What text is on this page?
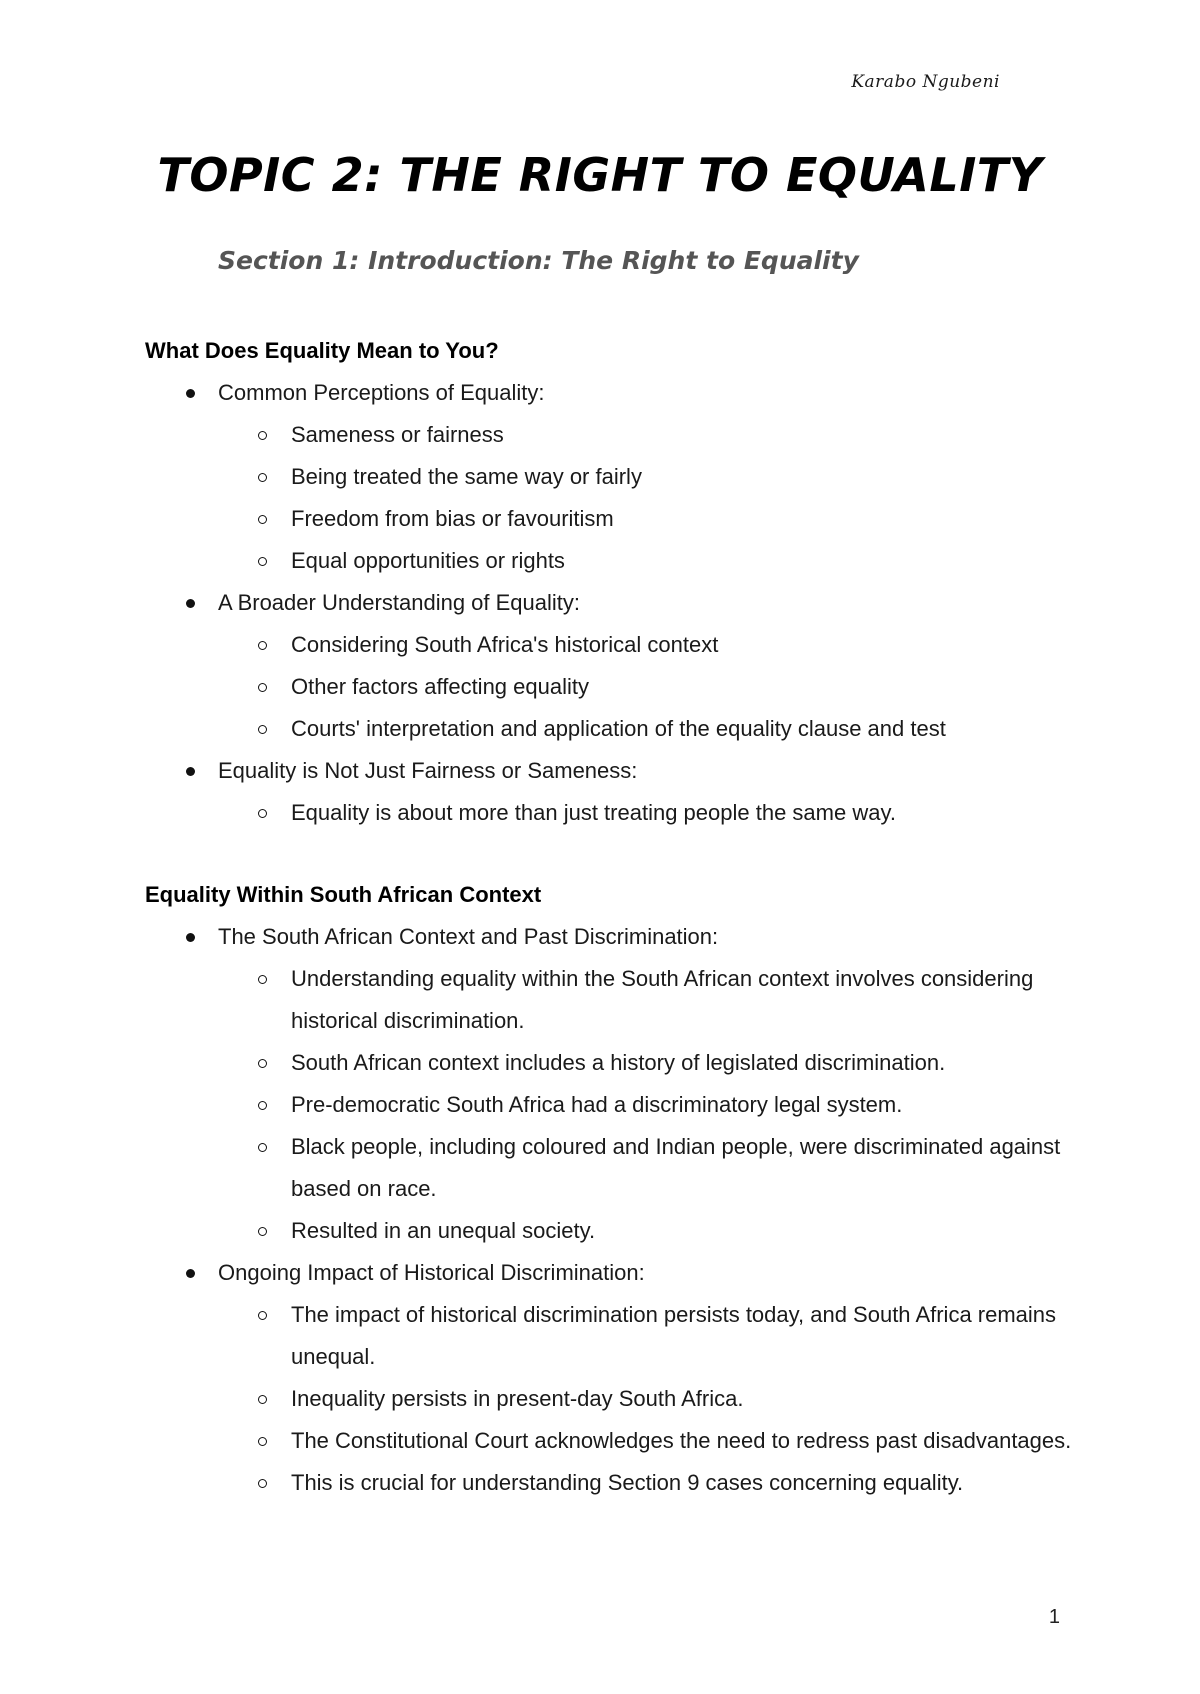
Karabo Ngubeni
TOPIC 2: THE RIGHT TO EQUALITY
Section 1: Introduction: The Right to Equality

What Does Equality Mean to You?

Common Perceptions of Equality:
Sameness or fairness
Being treated the same way or fairly
Freedom from bias or favouritism
Equal opportunities or rights
A Broader Understanding of Equality:
Considering South Africa's historical context
Other factors affecting equality
Courts' interpretation and application of the equality clause and test
Equality is Not Just Fairness or Sameness:
Equality is about more than just treating people the same way.

Equality Within South African Context

The South African Context and Past Discrimination:
Understanding equality within the South African context involves considering historical discrimination.
South African context includes a history of legislated discrimination.
Pre-democratic South Africa had a discriminatory legal system.
Black people, including coloured and Indian people, were discriminated against based on race.
Resulted in an unequal society.
Ongoing Impact of Historical Discrimination:
The impact of historical discrimination persists today, and South Africa remains unequal.
Inequality persists in present-day South Africa.
The Constitutional Court acknowledges the need to redress past disadvantages.
This is crucial for understanding Section 9 cases concerning equality.
1
